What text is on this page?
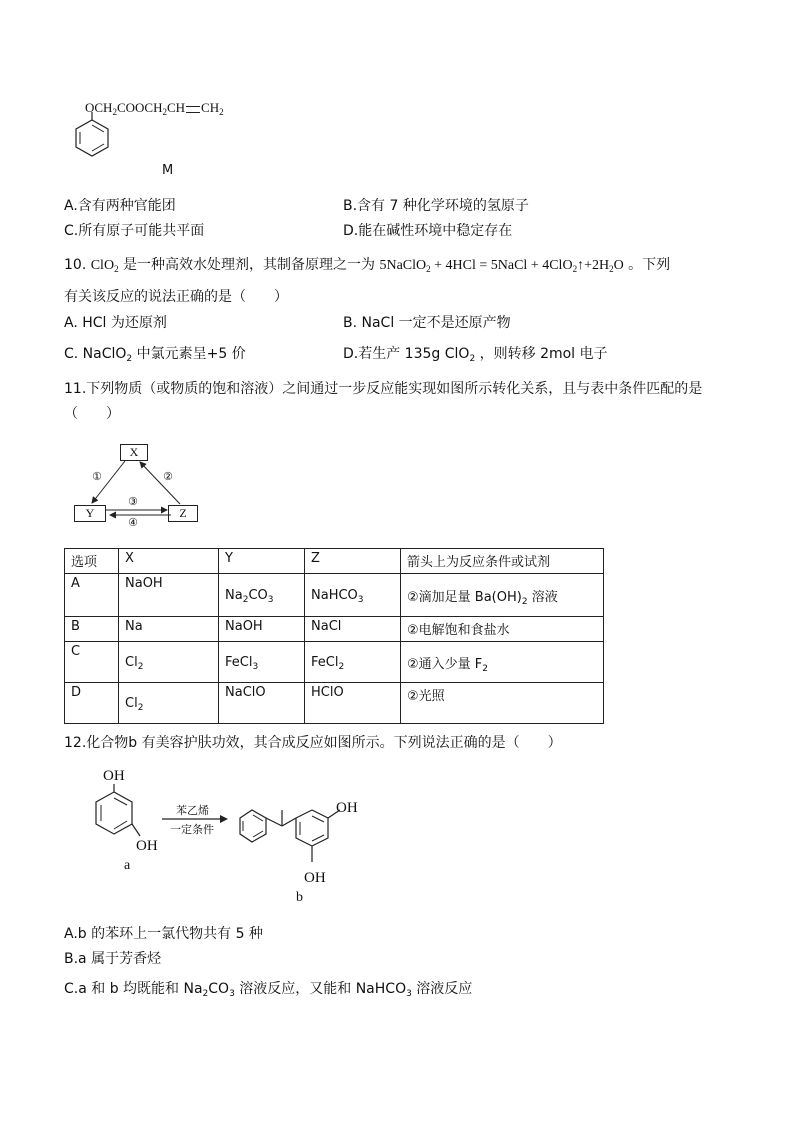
$OCH_2COOCH_2CH$ $CH_2$
M
A.含有两种官能团	B.含有 7 种化学环境的氢原子
C.所有原子可能共平面	D.能在碱性环境中稳定存在
10. ClO$_2$ 是一种高效水处理剂，其制备原理之一为 5NaClO$_2$ + 4HCl = 5NaCl + $4ClO_2↑+2H_2O$ 。下列
有关该反应的说法正确的是（　　）
A. HCl 为还原剂	B. NaCl 一定不是还原产物
C. NaClO$_2$ 中氯元素呈+5 价	D.若生产 135g ClO$_2$ ，则转移 2mol 电子
11.下列物质（或物质的饱和溶液）之间通过一步反应能实现如图所示转化关系，且与表中条件匹配的是
（　　）
X
Y	Z
①	②
③
④
选项	X	Y	Z	箭头上为反应条件或试剂
A	NaOH	$Na_2CO_3$	NaHCO$_3$	②滴加足量 $Ba(OH)_2$ 溶液
B	Na	NaOH	NaCl	②电解饱和食盐水
C	$Cl_2$	FeCl$_3$	FeCl$_2$	②通入少量 $F_2$
D	$Cl_2$	NaClO	HClO	②光照
12.化合物b 有美容护肤功效，其合成反应如图所示。下列说法正确的是（　　）
OH
OH
a
苯乙烯
一定条件
OH
OH
b
A.b 的苯环上一氯代物共有 5 种
B.a 属于芳香烃
C.a 和 b 均既能和 $Na_2CO_3$ 溶液反应，又能和 NaHCO$_3$ 溶液反应
